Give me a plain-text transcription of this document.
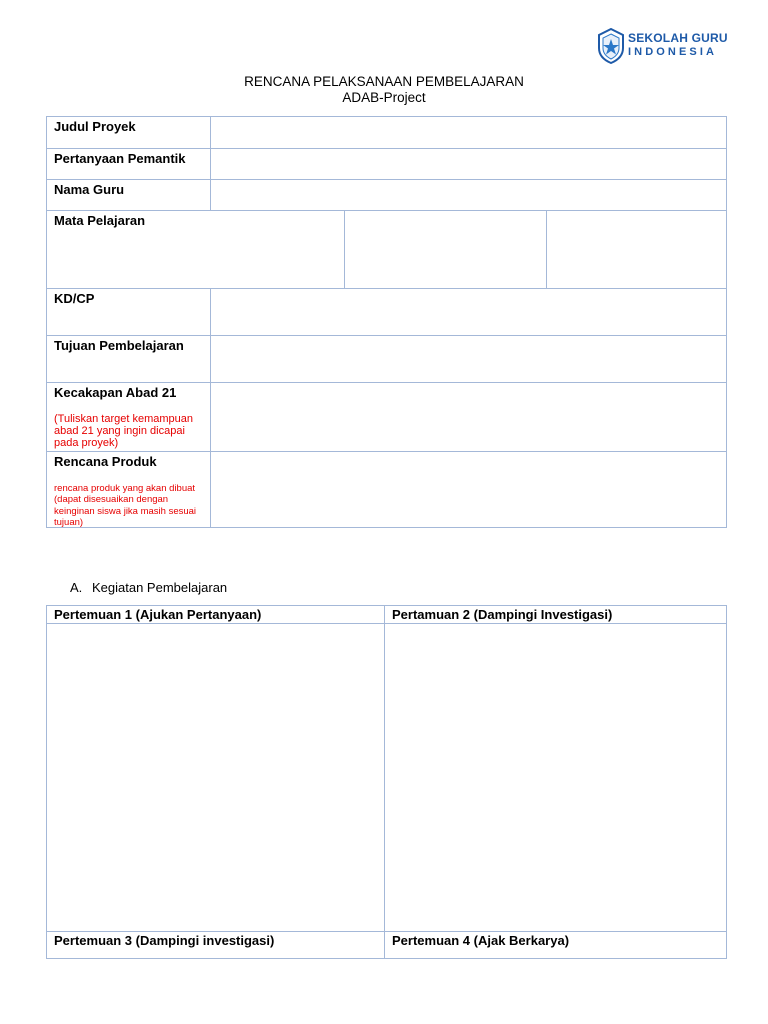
SEKOLAH GURU
INDONESIA
RENCANA PELAKSANAAN PEMBELAJARAN
ADAB-Project
Judul Proyek
Pertanyaan Pemantik
Nama Guru
Mata Pelajaran
KD/CP
Tujuan Pembelajaran
Kecakapan Abad 21
(Tuliskan target kemampuan abad 21 yang ingin dicapai pada proyek)
Rencana Produk
rencana produk yang akan dibuat (dapat disesuaikan dengan keinginan siswa jika masih sesuai tujuan)
A. Kegiatan Pembelajaran
Pertemuan 1 (Ajukan Pertanyaan)	Pertamuan 2 (Dampingi Investigasi)
Pertemuan 3 (Dampingi investigasi)	Pertemuan 4 (Ajak Berkarya)
